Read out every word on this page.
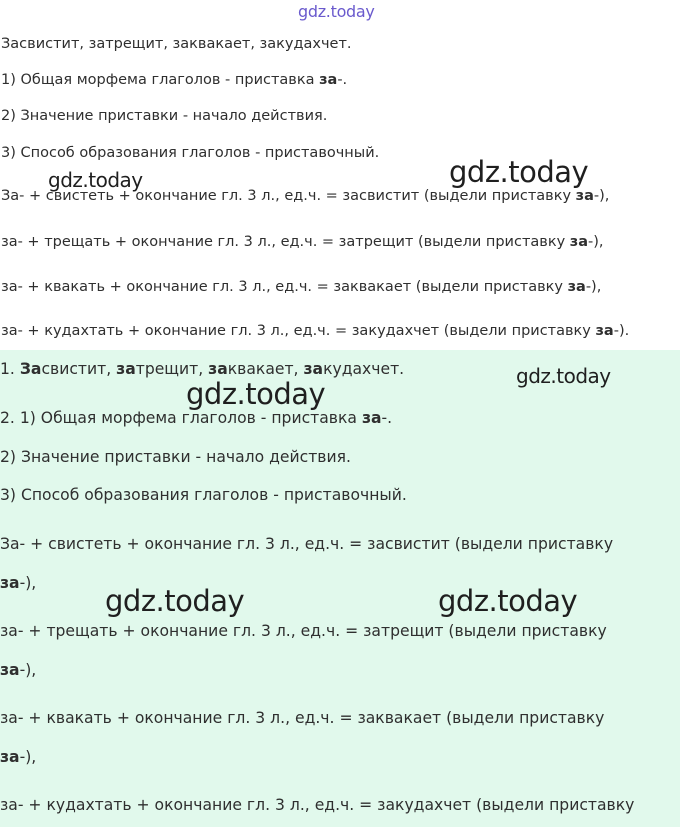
gdz.today
Засвистит, затрещит, заквакает, закудахчет.
1) Общая морфема глаголов - приставка за-.
2) Значение приставки - начало действия.
3) Способ образования глаголов - приставочный.
За- + свистеть + окончание гл. 3 л., ед.ч. = засвистит (выдели приставку за-),
за- + трещать + окончание гл. 3 л., ед.ч. = затрещит (выдели приставку за-),
за- + квакать + окончание гл. 3 л., ед.ч. = заквакает (выдели приставку за-),
за- + кудахтать + окончание гл. 3 л., ед.ч. = закудахчет (выдели приставку за-).
1. Засвистит, затрещит, заквакает, закудахчет.
2. 1) Общая морфема глаголов - приставка за-.
2) Значение приставки - начало действия.
3) Способ образования глаголов - приставочный.
За- + свистеть + окончание гл. 3 л., ед.ч. = засвистит (выдели приставку
за-),
за- + трещать + окончание гл. 3 л., ед.ч. = затрещит (выдели приставку
за-),
за- + квакать + окончание гл. 3 л., ед.ч. = заквакает (выдели приставку
за-),
за- + кудахтать + окончание гл. 3 л., ед.ч. = закудахчет (выдели приставку
gdz.today	gdz.today
gdz.today
gdz.today
gdz.today	gdz.today
